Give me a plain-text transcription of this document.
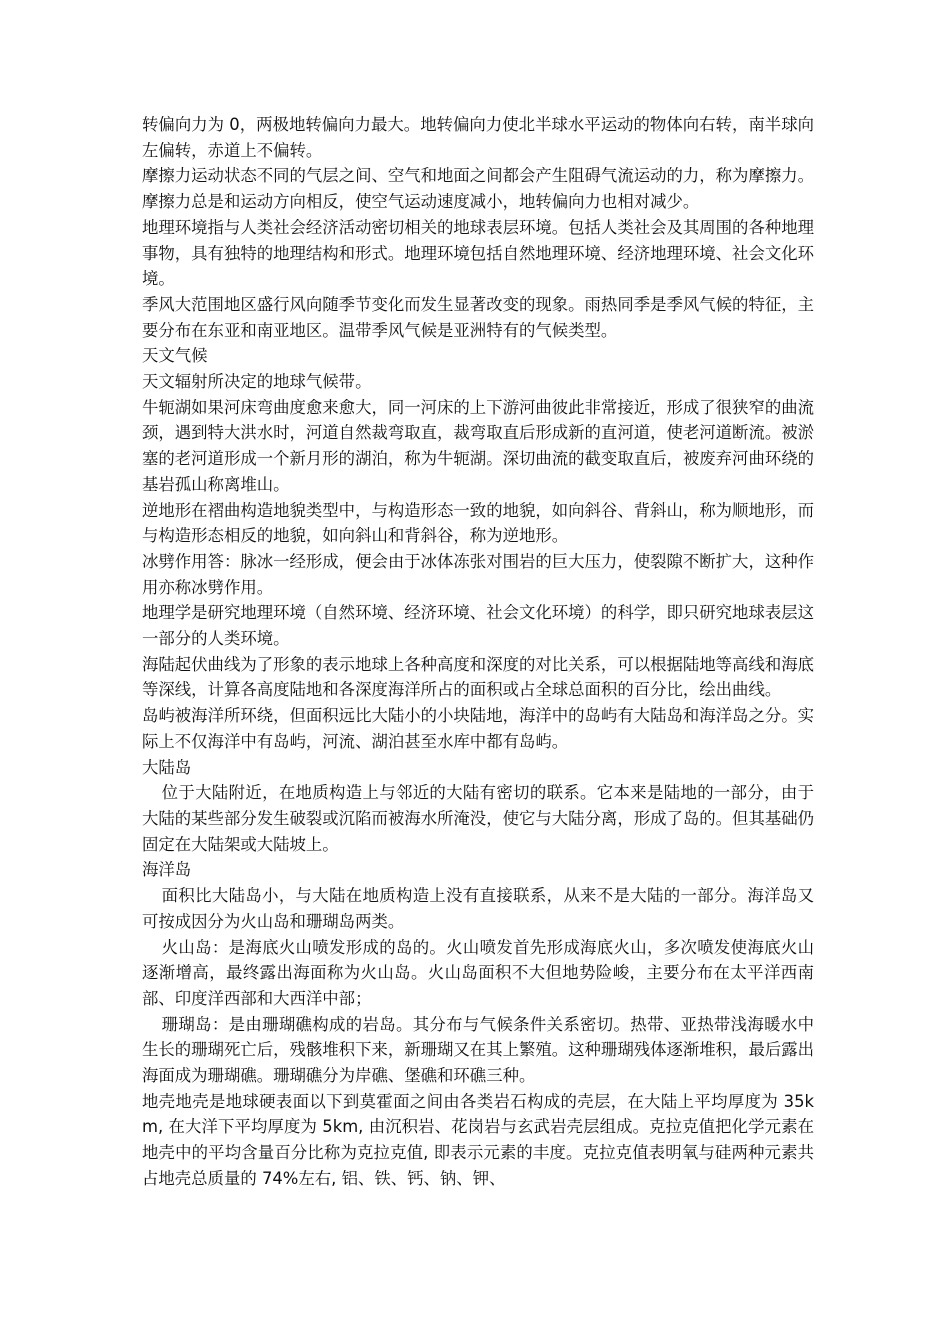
转偏向力为 0，两极地转偏向力最大。地转偏向力使北半球水平运动的物体向右转，南半球向左偏转，赤道上不偏转。

摩擦力运动状态不同的气层之间、空气和地面之间都会产生阻碍气流运动的力，称为摩擦力。摩擦力总是和运动方向相反，使空气运动速度减小，地转偏向力也相对减少。

地理环境指与人类社会经济活动密切相关的地球表层环境。包括人类社会及其周围的各种地理事物，具有独特的地理结构和形式。地理环境包括自然地理环境、经济地理环境、社会文化环境。

季风大范围地区盛行风向随季节变化而发生显著改变的现象。雨热同季是季风气候的特征，主要分布在东亚和南亚地区。温带季风气候是亚洲特有的气候类型。

天文气候

天文辐射所决定的地球气候带。

牛轭湖如果河床弯曲度愈来愈大，同一河床的上下游河曲彼此非常接近，形成了很狭窄的曲流颈，遇到特大洪水时，河道自然裁弯取直，裁弯取直后形成新的直河道，使老河道断流。被淤塞的老河道形成一个新月形的湖泊，称为牛轭湖。深切曲流的截变取直后，被废弃河曲环绕的基岩孤山称离堆山。

逆地形在褶曲构造地貌类型中，与构造形态一致的地貌，如向斜谷、背斜山，称为顺地形，而与构造形态相反的地貌，如向斜山和背斜谷，称为逆地形。

冰劈作用答：脉冰一经形成，便会由于冰体冻张对围岩的巨大压力，使裂隙不断扩大，这种作用亦称冰劈作用。

地理学是研究地理环境（自然环境、经济环境、社会文化环境）的科学，即只研究地球表层这一部分的人类环境。

海陆起伏曲线为了形象的表示地球上各种高度和深度的对比关系，可以根据陆地等高线和海底等深线，计算各高度陆地和各深度海洋所占的面积或占全球总面积的百分比，绘出曲线。

岛屿被海洋所环绕，但面积远比大陆小的小块陆地，海洋中的岛屿有大陆岛和海洋岛之分。实际上不仅海洋中有岛屿，河流、湖泊甚至水库中都有岛屿。

大陆岛

位于大陆附近，在地质构造上与邻近的大陆有密切的联系。它本来是陆地的一部分，由于大陆的某些部分发生破裂或沉陷而被海水所淹没，使它与大陆分离，形成了岛的。但其基础仍固定在大陆架或大陆坡上。

海洋岛

面积比大陆岛小，与大陆在地质构造上没有直接联系，从来不是大陆的一部分。海洋岛又可按成因分为火山岛和珊瑚岛两类。

火山岛：是海底火山喷发形成的岛的。火山喷发首先形成海底火山，多次喷发使海底火山逐渐增高，最终露出海面称为火山岛。火山岛面积不大但地势险峻，主要分布在太平洋西南部、印度洋西部和大西洋中部；

珊瑚岛：是由珊瑚礁构成的岩岛。其分布与气候条件关系密切。热带、亚热带浅海暖水中生长的珊瑚死亡后，残骸堆积下来，新珊瑚又在其上繁殖。这种珊瑚残体逐渐堆积，最后露出海面成为珊瑚礁。珊瑚礁分为岸礁、堡礁和环礁三种。

地壳地壳是地球硬表面以下到莫霍面之间由各类岩石构成的壳层，在大陆上平均厚度为 35km, 在大洋下平均厚度为 5km, 由沉积岩、花岗岩与玄武岩壳层组成。克拉克值把化学元素在地壳中的平均含量百分比称为克拉克值, 即表示元素的丰度。克拉克值表明氧与硅两种元素共占地壳总质量的 74%左右, 铝、铁、钙、钠、钾、
